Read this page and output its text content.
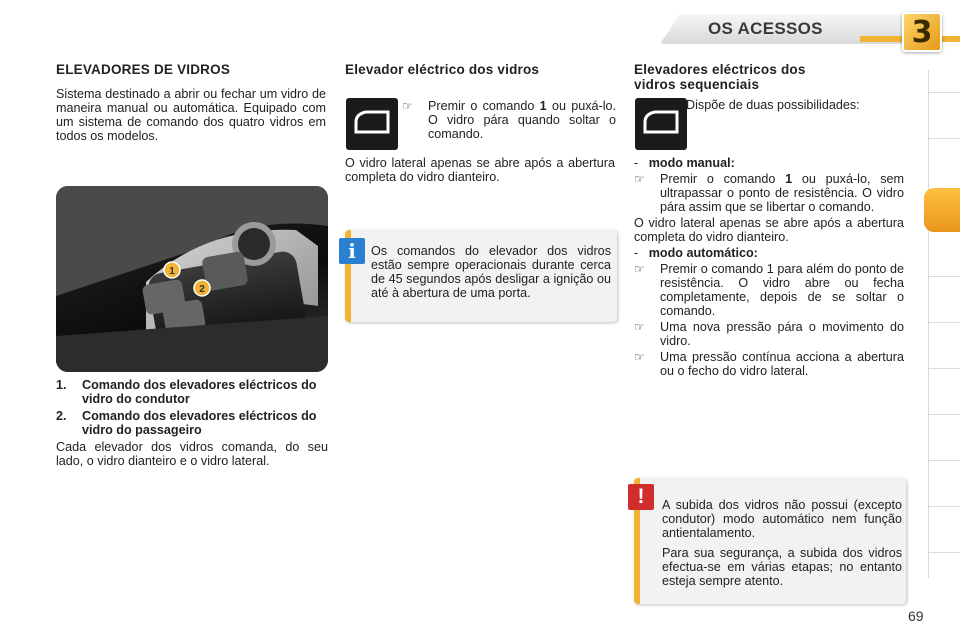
OS ACESSOS	3
ELEVADORES DE VIDROS

Sistema destinado a abrir ou fechar um vidro de maneira manual ou automática. Equipado com um sistema de comando dos quatro vidros em todos os modelos.

1
2
1.	Comando dos elevadores eléctricos do vidro do condutor
2.	Comando dos elevadores eléctricos do vidro do passageiro

Cada elevador dos vidros comanda, do seu lado, o vidro dianteiro e o vidro lateral.

Elevador eléctrico dos vidros
☞ Premir o comando 1 ou puxá-lo. O vidro pára quando soltar o comando.

O vidro lateral apenas se abre após a abertura completa do vidro dianteiro.

Os comandos do elevador dos vidros estão sempre operacionais durante cerca de 45 segundos após desligar a ignição ou até à abertura de uma porta.

i
Elevadores eléctricos dos
vidros sequenciais

Dispõe de duas possibilidades:

- modo manual:

☞ Premir o comando 1 ou puxá-lo, sem ultrapassar o ponto de resistência. O vidro pára assim que se libertar o comando.

O vidro lateral apenas se abre após a abertura completa do vidro dianteiro.

- modo automático:

☞ Premir o comando 1 para além do ponto de resistência. O vidro abre ou fecha completamente, depois de se soltar o comando.

☞ Uma nova pressão pára o movimento do vidro.

☞ Uma pressão contínua acciona a abertura ou o fecho do vidro lateral.

A subida dos vidros não possui (excepto condutor) modo automático nem função antientalamento.

Para sua segurança, a subida dos vidros efectua-se em várias etapas; no entanto esteja sempre atento.

!
69
